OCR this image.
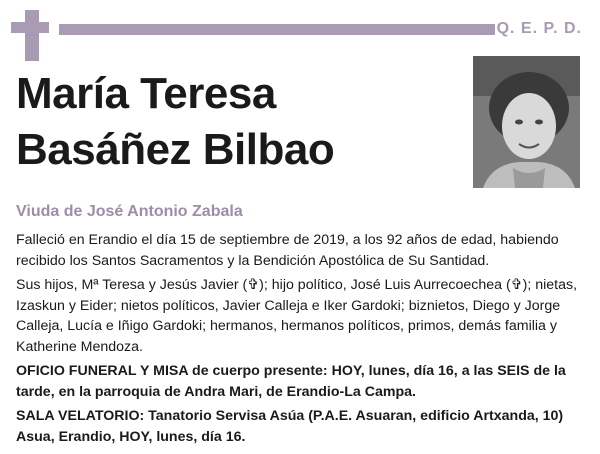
Q. E. P. D.
María Teresa
Basáñez Bilbao
Viuda de José Antonio Zabala

Falleció en Erandio el día 15 de septiembre de 2019, a los 92 años de edad, habiendo recibido los Santos Sacramentos y la Bendición Apostólica de Su Santidad.

Sus hijos, Mª Teresa y Jesús Javier (✞); hijo político, José Luis Aurrecoechea (✞); nietas, Izaskun y Eider; nietos políticos, Javier Calleja e Iker Gardoki; biznietos, Diego y Jorge Calleja, Lucía e Iñigo Gardoki; hermanos, hermanos políticos, primos, demás familia y Katherine Mendoza.

OFICIO FUNERAL Y MISA de cuerpo presente: HOY, lunes, día 16, a las SEIS de la tarde, en la parroquia de Andra Mari, de Erandio-La Campa.

SALA VELATORIO: Tanatorio Servisa Asúa (P.A.E. Asuaran, edificio Artxanda, 10) Asua, Erandio, HOY, lunes, día 16.
